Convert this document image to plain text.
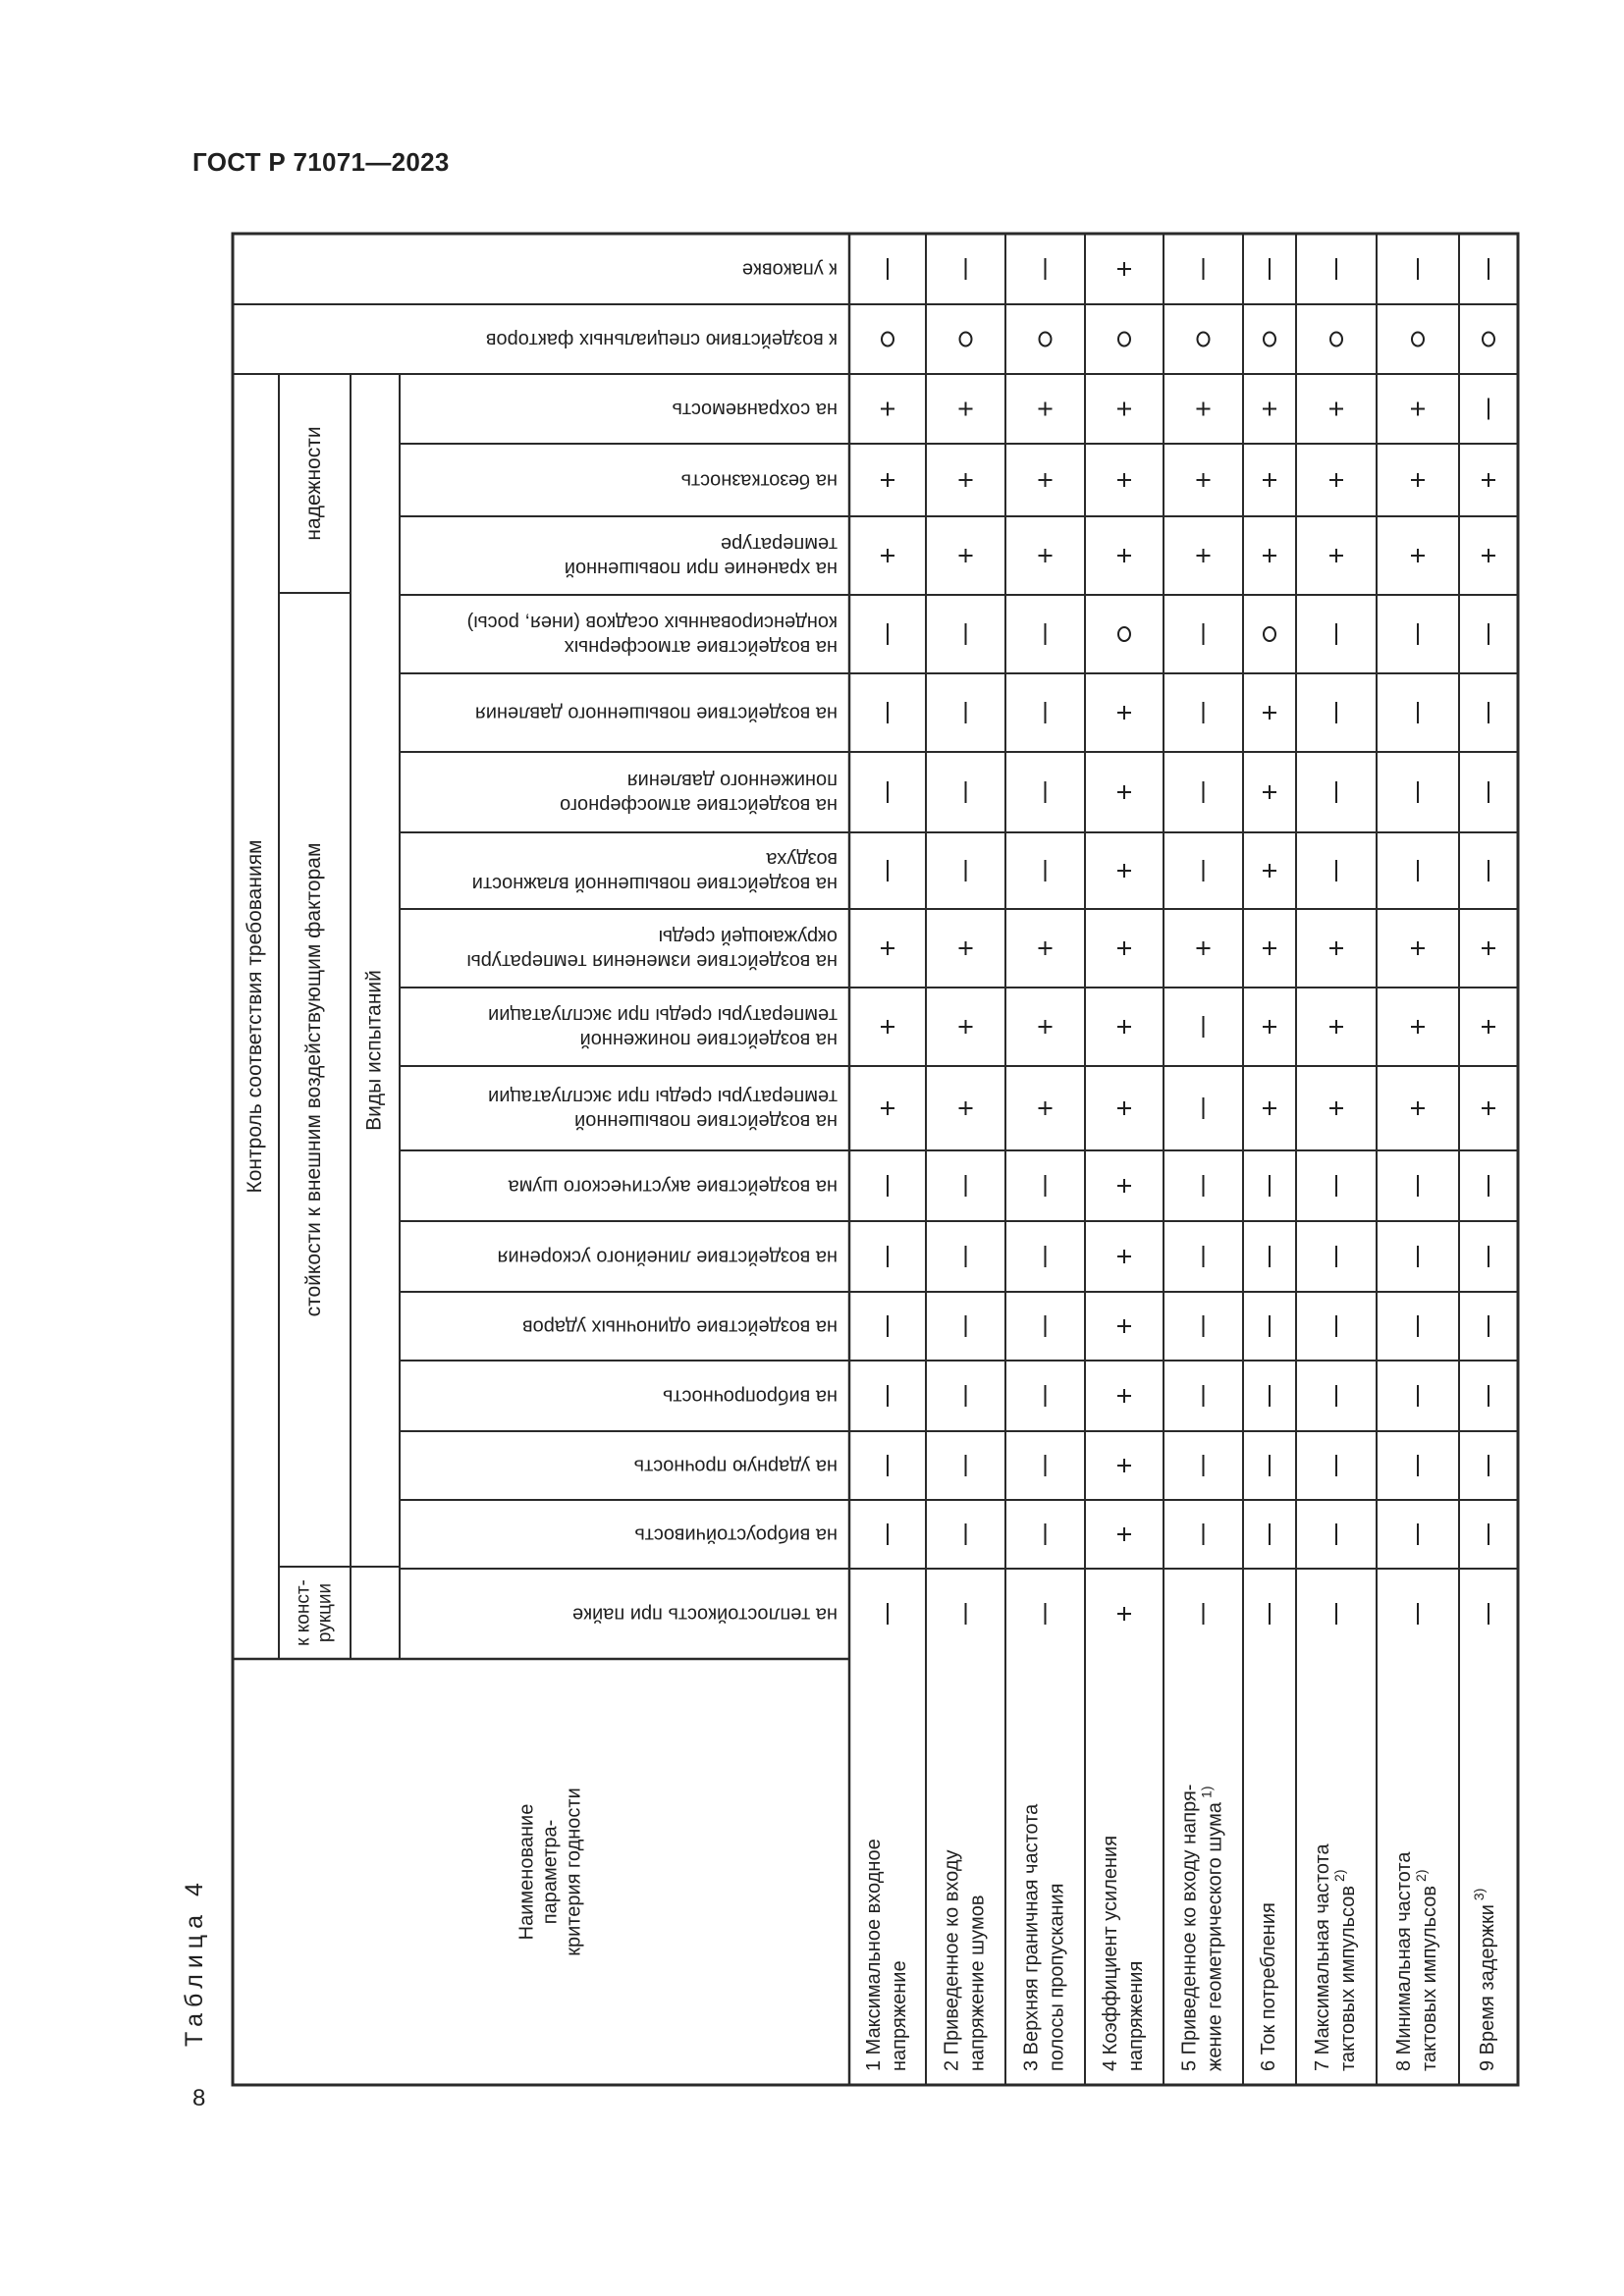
ГОСТ Р 71071—2023
Таблица 4
8
Контроль соответствия требованиям стойкости к внешним воздействующим факторам
надежности
Виды испытаний
к конст- рукции
Наименование параметра- критерия годности
на теплостойкость при пайке
на виброустойчивость
на ударную прочность
на вибропрочность
на воздействие одиночных ударов
на воздействие линейного ускорения
на воздействие акустического шума
на воздействие повышенной
температуры среды при эксплуатации
на воздействие пониженной
температуры среды при эксплуатации
на воздействие изменения температуры
окружающей среды
на воздействие повышенной влажности
воздуха
на воздействие атмосферного
пониженного давления
на воздействие повышенного давления
на воздействие атмосферных
конденсированных осадков (инея, росы)
на хранение при повышенной
температуре
на безотказность
на сохраняемость
к воздействию специальных факторов
к упаковке
1 Максимальное входное напряжение 2 Приведенное ко входу напряжение шумов 3 Верхняя граничная частота полосы пропускания 4 Коэффициент усиления напряжения 5 Приведенное ко входу напря- жение геометрического шума$^{1)}$
6 Ток потребления 7 Максимальная частота тактовых импульсов$^{2)}$	8 Минимальная частота тактовых импульсов$^{2)}$
9 Время задержки$^{3)}$
